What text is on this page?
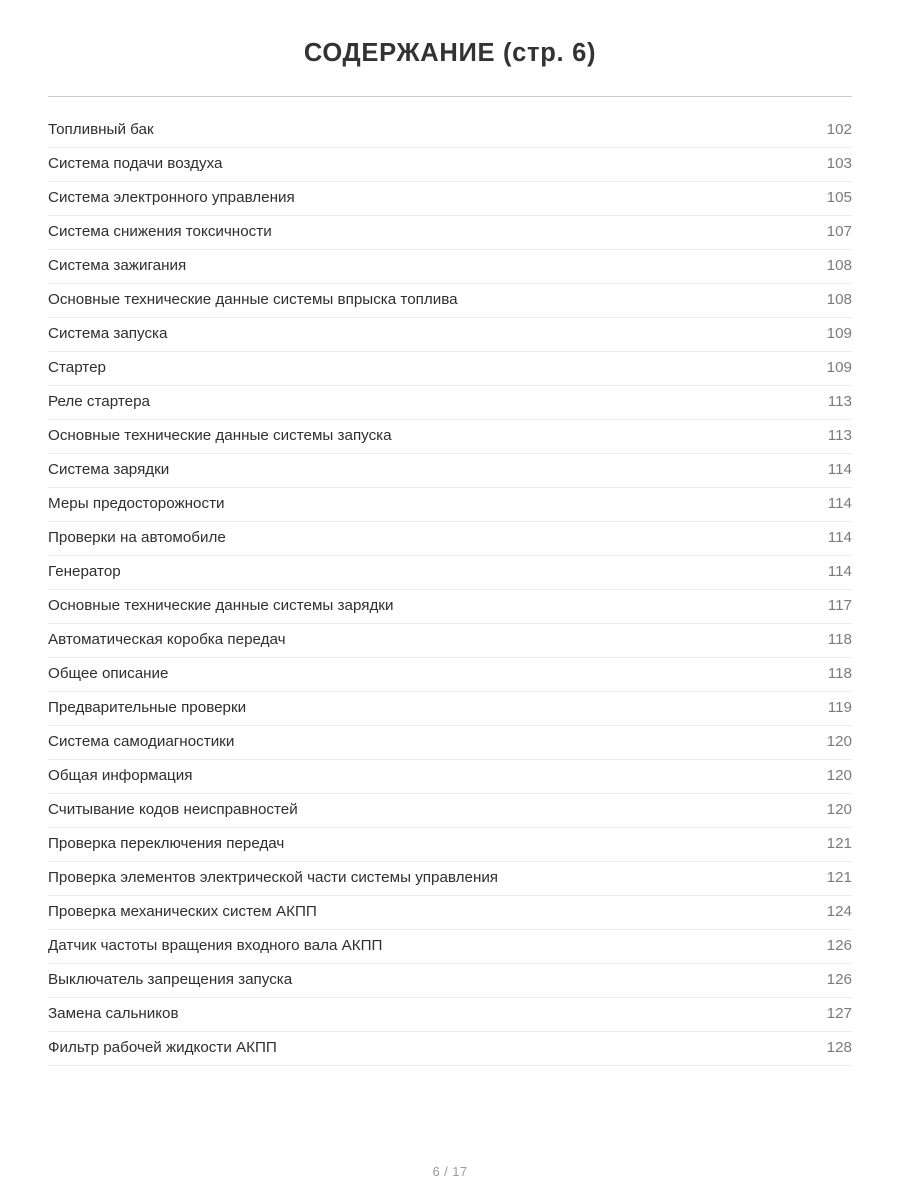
СОДЕРЖАНИЕ (стр. 6)
Топливный бак	102
Система подачи воздуха	103
Система электронного управления	105
Система снижения токсичности	107
Система зажигания	108
Основные технические данные системы впрыска топлива	108
Система запуска	109
Стартер	109
Реле стартера	113
Основные технические данные системы запуска	113
Система зарядки	114
Меры предосторожности	114
Проверки на автомобиле	114
Генератор	114
Основные технические данные системы зарядки	117
Автоматическая коробка передач	118
Общее описание	118
Предварительные проверки	119
Система самодиагностики	120
Общая информация	120
Считывание кодов неисправностей	120
Проверка переключения передач	121
Проверка элементов электрической части системы управления	121
Проверка механических систем АКПП	124
Датчик частоты вращения входного вала АКПП	126
Выключатель запрещения запуска	126
Замена сальников	127
Фильтр рабочей жидкости АКПП	128
6 / 17
